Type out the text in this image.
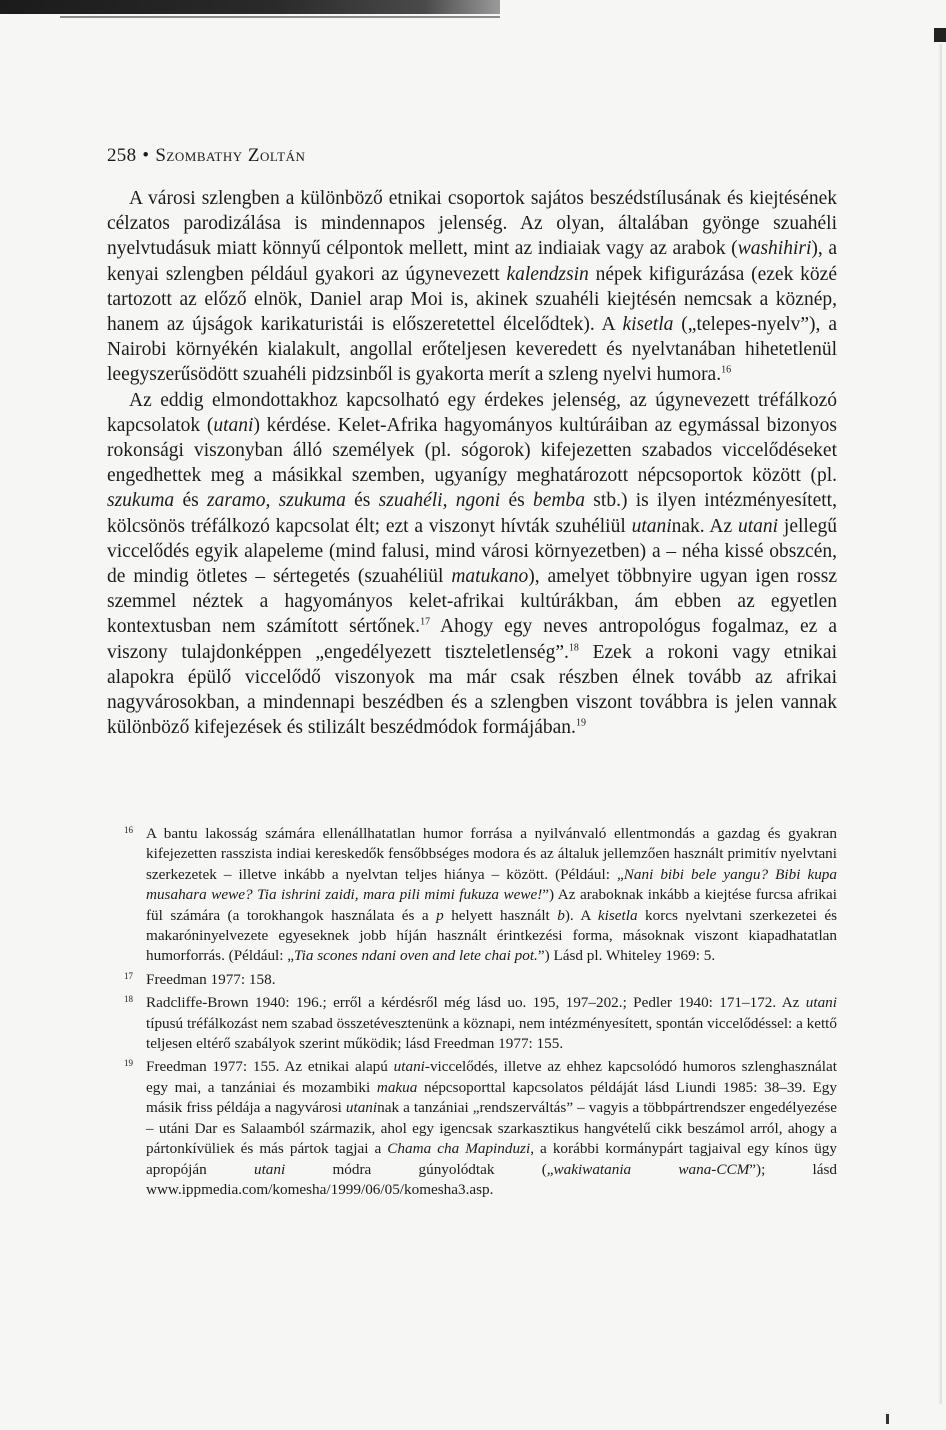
258 • Szombathy Zoltán

A városi szlengben a különböző etnikai csoportok sajátos beszédstílusának és kiejtésének célzatos parodizálása is mindennapos jelenség. Az olyan, általában gyönge szuahéli nyelvtudásuk miatt könnyű célpontok mellett, mint az indiaiak vagy az arabok (washihiri), a kenyai szlengben például gyakori az úgynevezett kalendzsin népek kifigurázása (ezek közé tartozott az előző elnök, Daniel arap Moi is, akinek szuahéli kiejtésén nemcsak a köznép, hanem az újságok karikaturistái is előszeretettel élcelődtek). A kisetla („telepes-nyelv”), a Nairobi környékén kialakult, angollal erőteljesen keveredett és nyelvtanában hihetetlenül leegyszerűsödött szuahéli pidzsinből is gyakorta merít a szleng nyelvi humora.$^{16}$

Az eddig elmondottakhoz kapcsolható egy érdekes jelenség, az úgynevezett tréfálkozó kapcsolatok (utani) kérdése. Kelet-Afrika hagyományos kultúráiban az egymással bizonyos rokonsági viszonyban álló személyek (pl. sógorok) kifejezetten szabados viccelődéseket engedhettek meg a másikkal szemben, ugyanígy meghatározott népcsoportok között (pl. szukuma és zaramo, szukuma és szuahéli, ngoni és bemba stb.) is ilyen intézményesített, kölcsönös tréfálkozó kapcsolat élt; ezt a viszonyt hívták szuhéliül utaninak. Az utani jellegű viccelődés egyik alapeleme (mind falusi, mind városi környezetben) a – néha kissé obszcén, de mindig ötletes – sértegetés (szuahéliül matukano), amelyet többnyire ugyan igen rossz szemmel néztek a hagyományos kelet-afrikai kultúrákban, ám ebben az egyetlen kontextusban nem számított sértőnek.$^{17}$ Ahogy egy neves antropológus fogalmaz, ez a viszony tulajdonképpen „engedélyezett tiszteletlenség”.$^{18}$ Ezek a rokoni vagy etnikai alapokra épülő viccelődő viszonyok ma már csak részben élnek tovább az afrikai nagyvárosokban, a mindennapi beszédben és a szlengben viszont továbbra is jelen vannak különböző kifejezések és stilizált beszédmódok formájában.$^{19}$

16 A bantu lakosság számára ellenállhatatlan humor forrása a nyilvánvaló ellentmondás a gazdag és gyakran kifejezetten rasszista indiai kereskedők fensőbbséges modora és az általuk jellemzően használt primitív nyelvtani szerkezetek – illetve inkább a nyelvtan teljes hiánya – között. (Például: „Nani bibi bele yangu? Bibi kupa musahara wewe? Tia ishrini zaidi, mara pili mimi fukuza wewe!”) Az araboknak inkább a kiejtése furcsa afrikai fül számára (a torokhangok használata és a p helyett használt b). A kisetla korcs nyelvtani szerkezetei és makaróninyelvezete egyeseknek jobb híján használt érintkezési forma, másoknak viszont kiapadhatatlan humorforrás. (Például: „Tia scones ndani oven and lete chai pot.”) Lásd pl. Whiteley 1969: 5.
17 Freedman 1977: 158.
18 Radcliffe-Brown 1940: 196.; erről a kérdésről még lásd uo. 195, 197–202.; Pedler 1940: 171–172. Az utani típusú tréfálkozást nem szabad összetévesztenünk a köznapi, nem intézményesített, spontán viccelődéssel: a kettő teljesen eltérő szabályok szerint működik; lásd Freedman 1977: 155.
19 Freedman 1977: 155. Az etnikai alapú utani-viccelődés, illetve az ehhez kapcsolódó humoros szlenghasználat egy mai, a tanzániai és mozambiki makua népcsoporttal kapcsolatos példáját lásd Liundi 1985: 38–39. Egy másik friss példája a nagyvárosi utaninak a tanzániai „rendszerváltás” – vagyis a többpártrendszer engedélyezése – utáni Dar es Salaamból származik, ahol egy igencsak szarkasztikus hangvételű cikk beszámol arról, ahogy a pártonkívüliek és más pártok tagjai a Chama cha Mapinduzi, a korábbi kormánypárt tagjaival egy kínos ügy apropóján utani módra gúnyolódtak („wakiwatania wana-CCM”); lásd www.ippmedia.com/komesha/1999/06/05/komesha3.asp.
